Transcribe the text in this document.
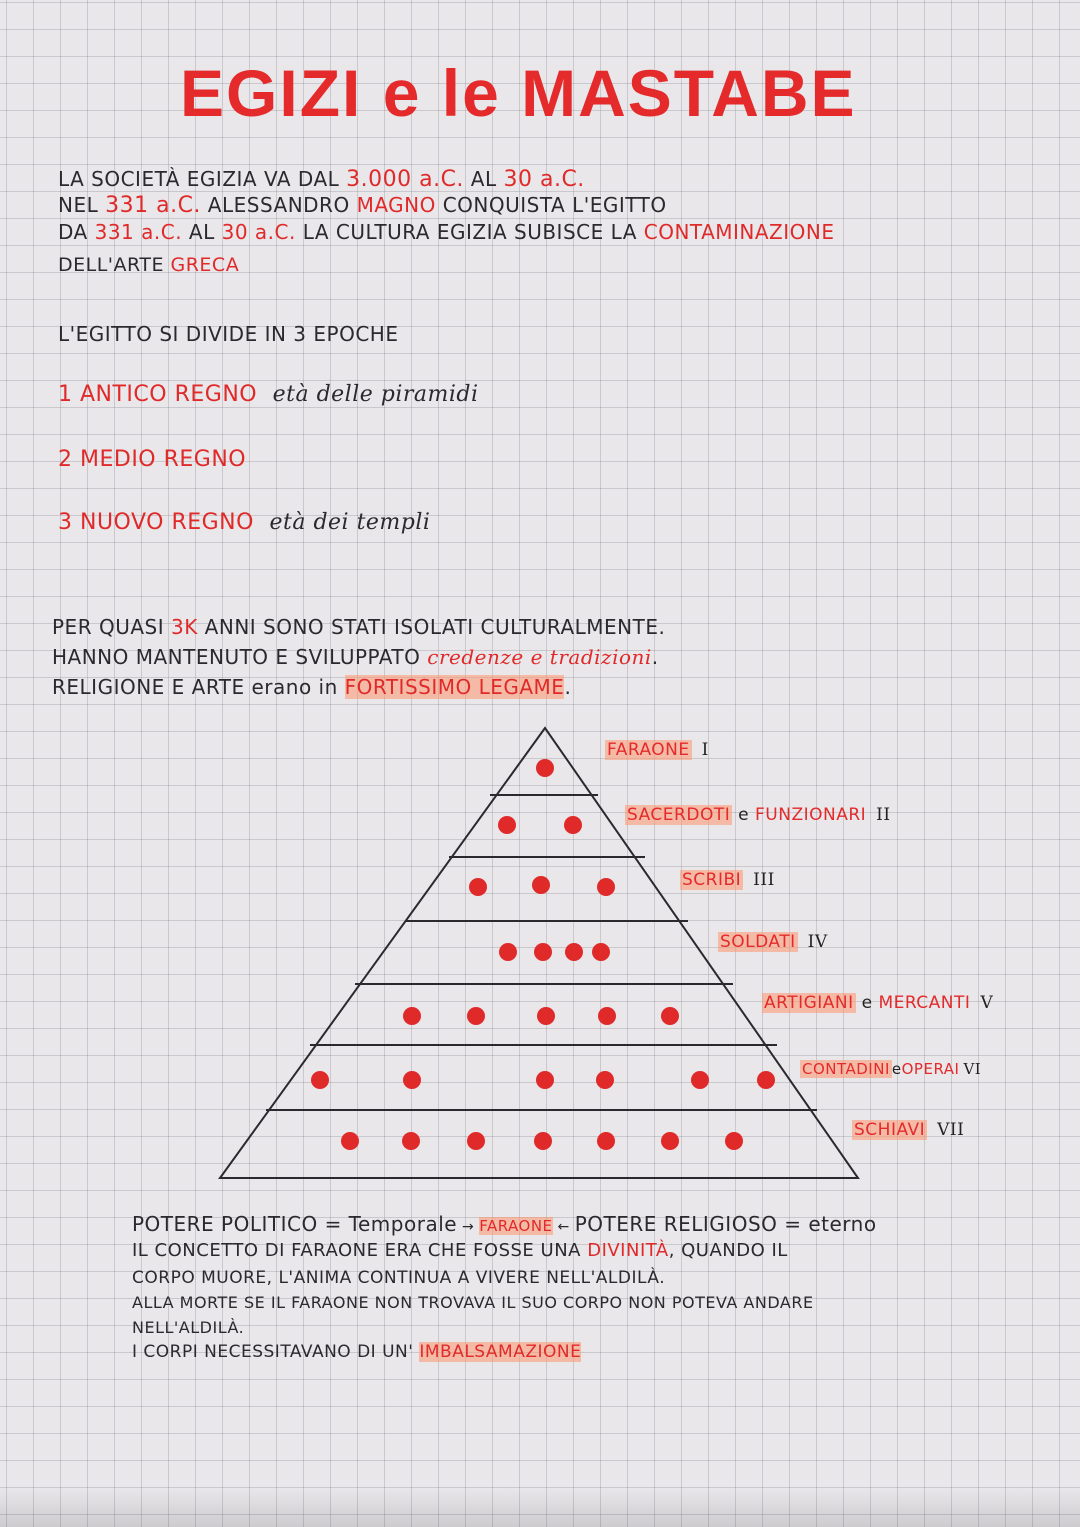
EGIZI e le MASTABE
LA SOCIETÀ EGIZIA VA DAL 3.000 a.C. AL 30 a.C.
NEL 331 a.C. ALESSANDRO MAGNO CONQUISTA L'EGITTO
DA 331 a.C. AL 30 a.C. LA CULTURA EGIZIA SUBISCE LA CONTAMINAZIONE
DELL'ARTE GRECA
L'EGITTO SI DIVIDE IN 3 EPOCHE
1 ANTICO REGNO età delle piramidi
2 MEDIO REGNO
3 NUOVO REGNO età dei templi
PER QUASI 3K ANNI SONO STATI ISOLATI CULTURALMENTE.
HANNO MANTENUTO E SVILUPPATO credenze e tradizioni.
RELIGIONE E ARTE erano in FORTISSIMO LEGAME.
FARAONE I
SACERDOTI e FUNZIONARI II
SCRIBI III
SOLDATI IV
ARTIGIANI e MERCANTI V
CONTADINI eOPERAI VI
SCHIAVI VII
POTERE POLITICO = Temporale → FARAONE ← POTERE RELIGIOSO = eterno
IL CONCETTO DI FARAONE ERA CHE FOSSE UNA DIVINITÀ, QUANDO IL
CORPO MUORE, L'ANIMA CONTINUA A VIVERE NELL'ALDILÀ.
ALLA MORTE SE IL FARAONE NON TROVAVA IL SUO CORPO NON POTEVA ANDARE
NELL'ALDILÀ.
I CORPI NECESSITAVANO DI UN' IMBALSAMAZIONE
